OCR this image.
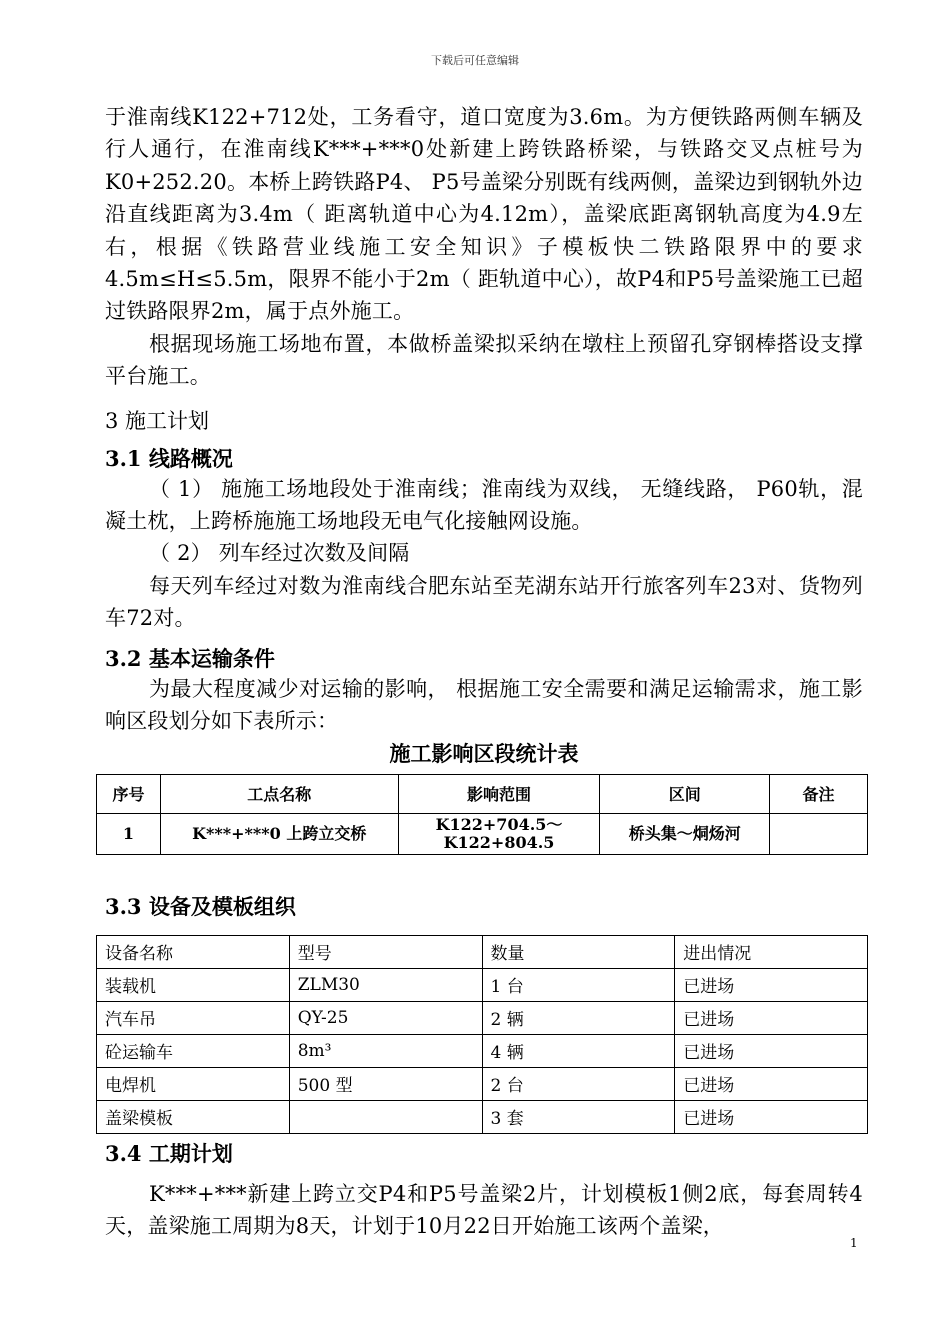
下载后可任意编辑

于淮南线K122+712处，工务看守，道口宽度为3.6m。为方便铁路两侧车辆及行人通行，在淮南线K***+***0处新建上跨铁路桥梁，与铁路交叉点桩号为K0+252.20。本桥上跨铁路P4、 P5号盖梁分别既有线两侧，盖梁边到钢轨外边沿直线距离为3.4m（ 距离轨道中心为4.12m），盖梁底距离钢轨高度为4.9左右，根据《铁路营业线施工安全知识》子模板快二铁路限界中的要求4.5m≤H≤5.5m，限界不能小于2m（ 距轨道中心），故P4和P5号盖梁施工已超过铁路限界2m，属于点外施工。

根据现场施工场地布置，本做桥盖梁拟采纳在墩柱上预留孔穿钢棒搭设支撑平台施工。

3 施工计划
3.1 线路概况

（ 1） 施施工场地段处于淮南线；淮南线为双线， 无缝线路， P60轨，混凝土枕，上跨桥施施工场地段无电气化接触网设施。

（ 2） 列车经过次数及间隔

每天列车经过对数为淮南线合肥东站至芜湖东站开行旅客列车23对、货物列车72对。

3.2 基本运输条件

为最大程度减少对运输的影响， 根据施工安全需要和满足运输需求，施工影响区段划分如下表所示：

施工影响区段统计表
序号	工点名称	影响范围	区间	备注
1	K***+***0 上跨立交桥	K122+704.5～
K122+804.5	桥头集～烔炀河	
3.3 设备及模板组织
设备名称	型号	数量	进出情况
装载机	ZLM30	1 台	已进场
汽车吊	QY-25	2 辆	已进场
砼运输车	8m³	4 辆	已进场
电焊机	500 型	2 台	已进场
盖梁模板		3 套	已进场
3.4 工期计划

K***+***新建上跨立交P4和P5号盖梁2片，计划模板1侧2底，每套周转4天，盖梁施工周期为8天，计划于10月22日开始施工该两个盖梁，

1
